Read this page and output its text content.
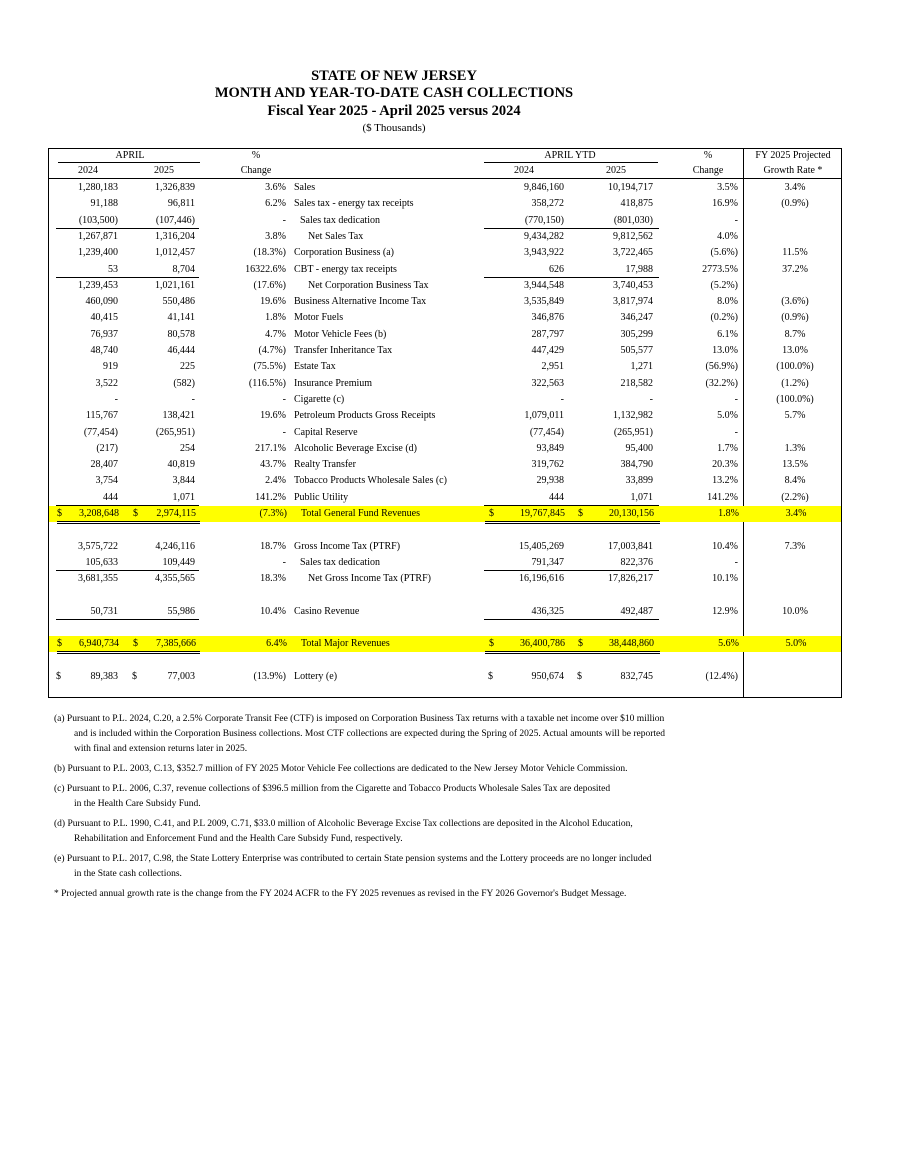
STATE OF NEW JERSEY
MONTH AND YEAR-TO-DATE CASH COLLECTIONS
Fiscal Year 2025 - April 2025 versus 2024
($ Thousands)
APRIL
2024	2025
%
Change
APRIL YTD
2024	2025
%
Change
FY 2025 Projected
Growth Rate *
1,280,183	1,326,839	3.6% Sales	9,846,160	10,194,717	3.5%	3.4%
91,188	96,811	6.2% Sales tax - energy tax receipts	358,272	418,875	16.9%	(0.9%)
(103,500)	(107,446)	- Sales tax dedication	(770,150)	(801,030)	-
1,267,871	1,316,204	3.8% Net Sales Tax	9,434,282	9,812,562	4.0%
1,239,400	1,012,457	(18.3%) Corporation Business (a)	3,943,922	3,722,465	(5.6%)	11.5%
53	8,704	16322.6% CBT - energy tax receipts	626	17,988	2773.5%	37.2%
1,239,453	1,021,161	(17.6%) Net Corporation Business Tax	3,944,548	3,740,453	(5.2%)
460,090	550,486	19.6% Business Alternative Income Tax	3,535,849	3,817,974	8.0%	(3.6%)
40,415	41,141	1.8% Motor Fuels	346,876	346,247	(0.2%)	(0.9%)
76,937	80,578	4.7% Motor Vehicle Fees (b)	287,797	305,299	6.1%	8.7%
48,740	46,444	(4.7%) Transfer Inheritance Tax	447,429	505,577	13.0%	13.0%
919	225	(75.5%) Estate Tax	2,951	1,271	(56.9%)	(100.0%)
3,522	(582)	(116.5%) Insurance Premium	322,563	218,582	(32.2%)	(1.2%)
-	-	- Cigarette (c)	-	-	-	(100.0%)
115,767	138,421	19.6% Petroleum Products Gross Receipts	1,079,011	1,132,982	5.0%	5.7%
(77,454)	(265,951)	- Capital Reserve	(77,454)	(265,951)	-
(217)	254	217.1% Alcoholic Beverage Excise (d)	93,849	95,400	1.7%	1.3%
28,407	40,819	43.7% Realty Transfer	319,762	384,790	20.3%	13.5%
3,754	3,844	2.4% Tobacco Products Wholesale Sales (c)	29,938	33,899	13.2%	8.4%
444	1,071	141.2% Public Utility	444	1,071	141.2%	(2.2%)
3,208,648	2,974,115	(7.3%) Total General Fund Revenues	19,767,845	20,130,156	1.8%	3.4%
$	$	$	$
3,575,722	4,246,116	18.7% Gross Income Tax (PTRF)	15,405,269	17,003,841	10.4%	7.3%
105,633	109,449	- Sales tax dedication	791,347	822,376	-
3,681,355	4,355,565	18.3% Net Gross Income Tax (PTRF)	16,196,616	17,826,217	10.1%
50,731	55,986	10.4% Casino Revenue	436,325	492,487	12.9%	10.0%
6,940,734	7,385,666	6.4% Total Major Revenues	36,400,786	38,448,860	5.6%	5.0%
$	$	$	$
89,383	77,003	(13.9%) Lottery (e)	950,674	832,745	(12.4%)
$	$	$	$

(a) Pursuant to P.L. 2024, C.20, a 2.5% Corporate Transit Fee (CTF) is imposed on Corporation Business Tax returns with a taxable net income over $10 million

and is included within the Corporation Business collections. Most CTF collections are expected during the Spring of 2025. Actual amounts will be reported

with final and extension returns later in 2025.

(b) Pursuant to P.L. 2003, C.13, $352.7 million of FY 2025 Motor Vehicle Fee collections are dedicated to the New Jersey Motor Vehicle Commission.

(c) Pursuant to P.L. 2006, C.37, revenue collections of $396.5 million from the Cigarette and Tobacco Products Wholesale Sales Tax are deposited

in the Health Care Subsidy Fund.

(d) Pursuant to P.L. 1990, C.41, and P.L 2009, C.71, $33.0 million of Alcoholic Beverage Excise Tax collections are deposited in the Alcohol Education,

Rehabilitation and Enforcement Fund and the Health Care Subsidy Fund, respectively.

(e) Pursuant to P.L. 2017, C.98, the State Lottery Enterprise was contributed to certain State pension systems and the Lottery proceeds are no longer included

in the State cash collections.

* Projected annual growth rate is the change from the FY 2024 ACFR to the FY 2025 revenues as revised in the FY 2026 Governor's Budget Message.
